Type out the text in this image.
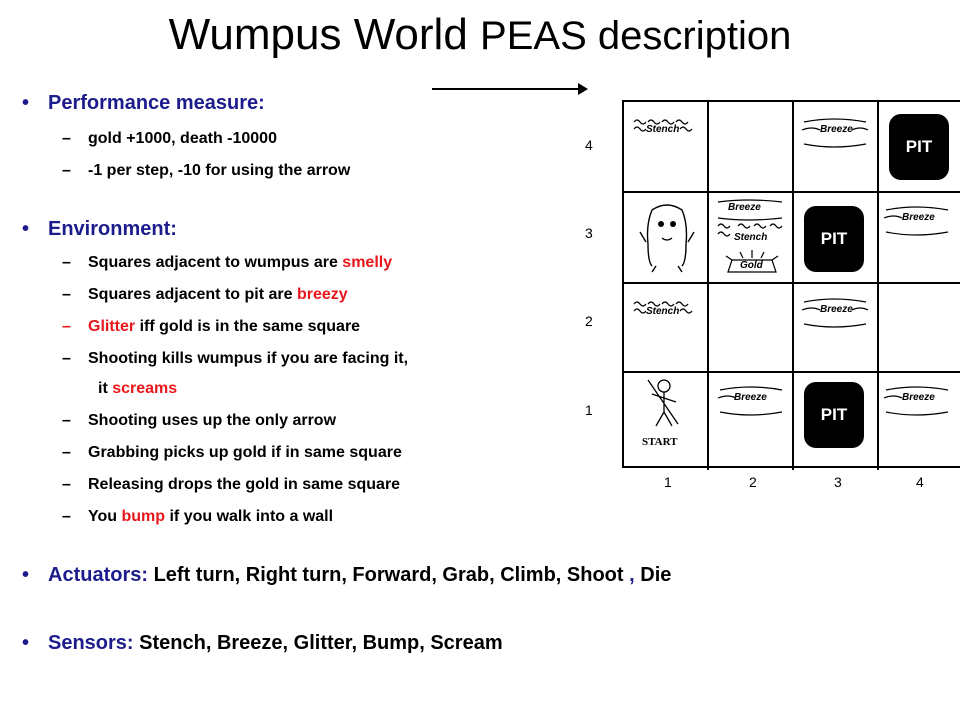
Wumpus World PEAS description
• Performance measure:
– gold +1000, death -10000
– -1 per step, -10 for using the arrow
• Environment:
– Squares adjacent to wumpus are smelly
– Squares adjacent to pit are breezy
– Glitter iff gold is in the same square
– Shooting kills wumpus if you are facing it,
it screams
– Shooting uses up the only arrow
– Grabbing picks up gold if in same square
– Releasing drops the gold in same square
– You bump if you walk into a wall
• Actuators: Left turn, Right turn, Forward, Grab, Climb, Shoot , Die
• Sensors: Stench, Breeze, Glitter, Bump, Scream
4
3
2
1
Stench	Breeze
PIT
Breeze
Stench
Gold
PIT
Breeze
Stench	Breeze
START
Breeze
PIT
Breeze
1	2	3	4
